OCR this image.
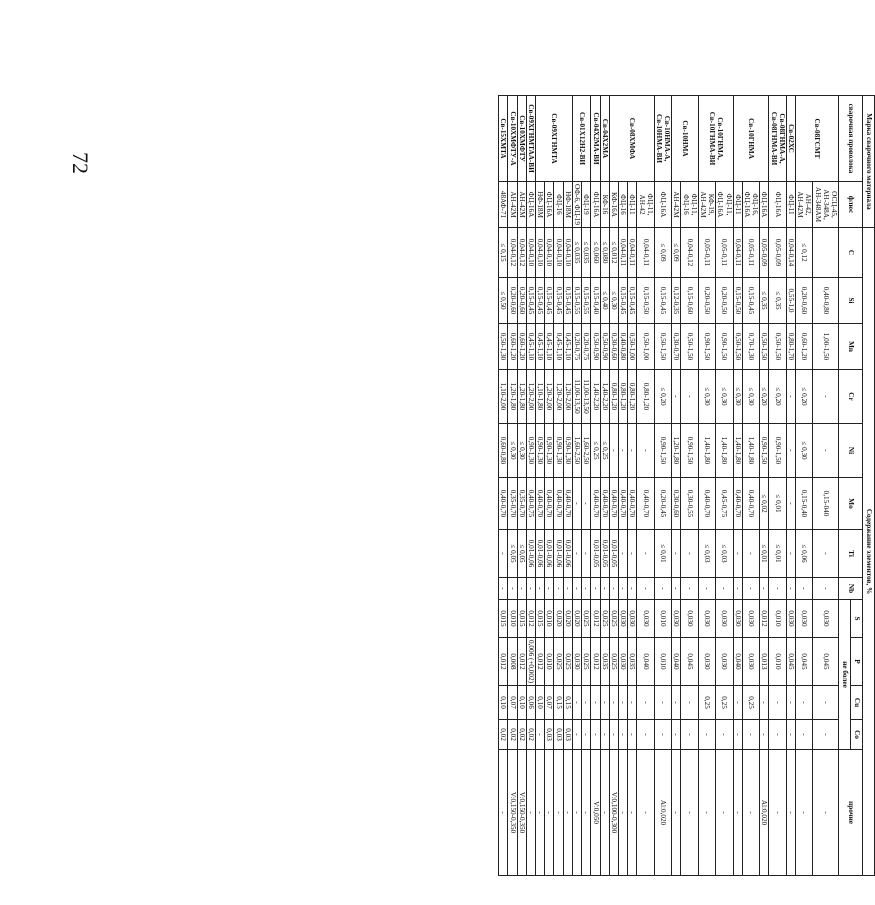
72	Марка сварочного материала		Содержание элементов, %												
сварочная проволока	флюс	C	Si	Mn	Cr	Ni	Mo	Ti	Nb	S	P	Cu	Co	прочие
										не более				
Св-08ГСМТ	ОСЦ-45, АН-348А, АН-348АМ		0,40-0,80	1,00-1,50	-	-	0,15-040	-	-	0,030	0,045	-	-	-
	АН-42, АН-42М	≤ 0,12	0,20-0,60	0,60-1,20	≤ 0,20	≤ 0,30	0,15-0,40	≤ 0,06	-	0,030	0,045	-	-	-
Св-02ХС	ФЦ-11	0,04-0,14	0,55-1,0	0,80-1,70	-	-	-	-	-	0,030	0,045	-	-	-
Св-08ГНМА-А, Св-08ГНМА-ВИ	ФЦ-16А	0,05-0,09	≤ 0,35	0,50-1,50	≤ 0,20	0,90-1,50	≤ 0,01	≤ 0,01	-	0,010	0,010	-	-	-
Св-10ГНМА	ФЦ-16А	0,05-0,09	≤ 0,35	0,50-1,50	≤ 0,20	0,90-1,50	≤ 0,02	≤ 0,01	-	0,012	0,013	-	-	Al:0,020
	ФЦ-16, ФЦ-16А	0,05-0,11	0,15-0,45	0,70-1,30	≤ 0,30	1,40-1,80	0,40-0,70	-	-	0,030	0,030	0,25	-	-
	ФЦ-11	0,04-0,11	0,15-0,50	0,50-1,50	≤ 0,30	1,40-1,80	0,40-0,70	-	-	0,030	0,040	-	-	-
Св-10ГНМА, Св-10ГНМА-ВИ	ФЦ-11, ФЦ-16А	0,05-0,11	0,20-0,50	0,90-1,50	≤ 0,30	1,40-1,80	0,45-0,75	≤ 0,03	-	0,030	0,030	0,25	-	-
	КФ-19, АН-42М	0,05-0,11	0,20-0,50	0,90-1,50	≤ 0,30	1,40-1,80	0,40-0,70	≤ 0,03	-	0,030	0,030	0,25	-	-
Св-10НМА	ФЦ-11, ФЦ-16	0,04-0,12	0,15-0,60	0,50-1,50	-	0,90-1,50	0,30-0,55	-	-	0,030	0,045	-	-	-
	АН-42М	≤ 0,09	0,12-0,35	0,30-0,70	-	1,20-1,80	0,30-0,60	-	-	0,030	0,040	-	-	-
Св-10НМА-А, Св-10НМА-ВИ	ФЦ-16А	≤ 0,09	0,15-0,45	0,50-1,50	≤ 0,20	0,90-1,50	0,20-0,45	≤ 0,01	-	0,010	0,010	-	-	Al:0,020
Св-08ХМФА	ФЦ-11, АН-42	0,04-0,11	0,15-0,50	0,50-1,00	0,80-1,20	-	0,40-0,70	-	-	0,030	0,040	-	-	-
	ФЦ-11	0,04-0,11	0,15-0,45	0,50-1,00	0,80-1,20	-	0,40-0,70	-	-	0,030	0,035	-	-	-
	ФЦ-16	0,04-0,11	0,15-0,45	0,40-0,80	0,80-1,20	-	0,40-0,70	-	-	0,030	0,030	-	-	-
	КФ-16А	≤ 0,012	≤ 0,30	0,30-0,60	0,80-1,20	-	0,40-0,70	0,01-0,05	-	0,025	0,025	-	-	V:0,100-0,300
Св-04Х2МА	КФ-16	≤ 0,080	≤ 0,40	0,50-0,90	1,40-2,20	≤ 0,25	0,40-0,70	0,01-0,05	-	0,025	0,035	-	-	-
Св-04Х2МА-ВИ	ФЦ-16А	≤ 0,060	0,15-0,40	0,50-0,90	1,40-2,20	≤ 0,25	0,40-0,70	0,01-0,05	-	0,012	0,012	-	-	V:0,050
Св-01Х12Н2-ВИ	ФЦ-19	≤ 0,035	0,15-0,55	0,20-0,75	11,00-13,50	1,60-2,50	-	-	-	0,025	0,025	-	-	-
	ОФ-6, ФЦ-19	≤ 0,035	0,15-0,55	0,20-0,75	11,00-13,50	1,60-2,50	-	-	-	0,020	0,030	-	-	-
Св-09ХГНМТА	НФ-18М	0,04-0,10	0,15-0,45	0,45-1,10	1,20-2,00	0,90-1,30	0,40-0,70	0,01-0,06	-	0,020	0,025	0,15	0,03	-
	ФЦ-16	0,04-0,10	0,15-0,45	0,45-1,10	1,20-2,00	0,90-1,30	0,40-0,70	0,01-0,06	-	0,020	0,025	0,15	0,03	-
	ФЦ-16А	0,04-0,10	0,15-0,45	0,45-1,10	1,20-2,00	0,90-1,30	0,40-0,70	0,01-0,06	-	0,010	0,010	0,07	0,03	-
	НФ-18М	0,04-0,10	0,15-0,45	0,45-1,10	1,10-1,80	0,90-1,30	0,40-0,70	0,01-0,06	-	0,015	0,012	0,10	-	-
Св-09ХГНМТАА-ВИ	ФЦ-16А	0,04-0,10	0,15-0,45	0,45-1,10	1,20-2,00	0,90-1,30	0,40-0,75	0,01-0,06	-	0,012	0,006 (+0,002)	0,06	0,02	-
Св-10ХМФТУ	АН-42М	0,04-0,12	0,20-0,60	0,60-1,20	1,20-1,80	≤ 0,30	0,35-0,70	≤ 0,05	-	0,015	0,012	0,10	0,02	V:0,150-0,350
Св-10ХМФТУ-А	АН-42М	0,04-0,12	0,20-0,60	0,60-1,20	1,20-1,80	≤ 0,30	0,35-0,70	≤ 0,05	-	0,010	0,008	0,07	0,02	V:0,150-0,350
Св-15ХМТА	48АФ-71	≤ 0,15	≤ 0,50	0,50-1,30	1,10-2,00	0,60-0,80	0,40-0,70	-	-	0,015	0,012	0,10	0,02	-
